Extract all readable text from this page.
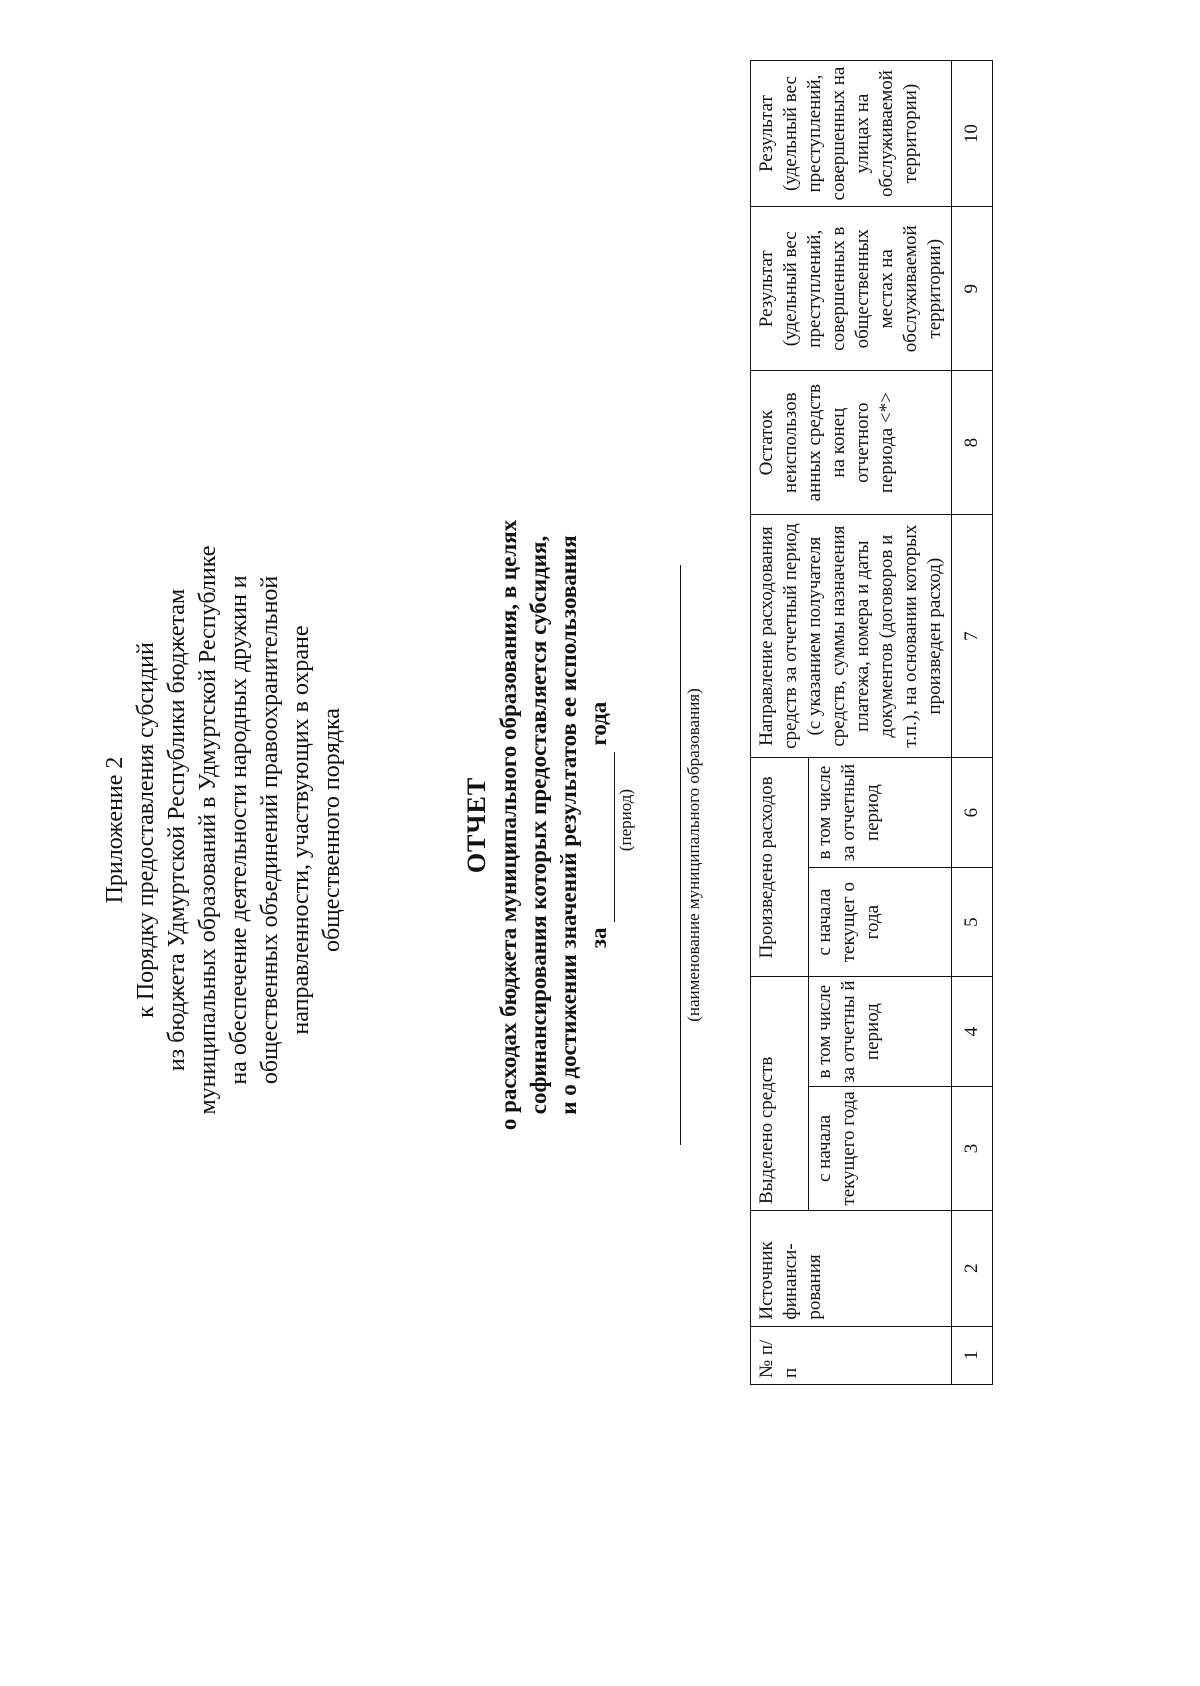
Приложение 2 к Порядку предоставления субсидий из бюджета Удмуртской Республики бюджетам муниципальных образований в Удмуртской Республике на обеспечение деятельности народных дружин и общественных объединений правоохранительной направленности, участвующих в охране общественного порядка	ОТЧЕТ о расходах бюджета муниципального образования, в целях софинансирования которых предоставляется субсидия, и о достижении значений результатов ее использования за года
(период)	(наименование муниципального образования)
№ п/п	Источник финанси-рования	Выделено средств		Произведено расходов		Направление расходования средств за отчетный период (с указанием получателя средств, суммы назначения платежа, номера и даты документов (договоров и т.п.), на основании которых произведен расход)	Остаток неиспользов анных средств на конец отчетного периода <*>	Результат (удельный вес преступлений, совершенных в общественных местах на обслуживаемой территории)	Результат (удельный вес преступлений, совершенных на улицах на обслуживаемой территории)
		с начала текущего года	в том числе за отчетны й период	с начала текущег о года	в том числе за отчетный период				
1	2	3	4	5	6	7	8	9	10
